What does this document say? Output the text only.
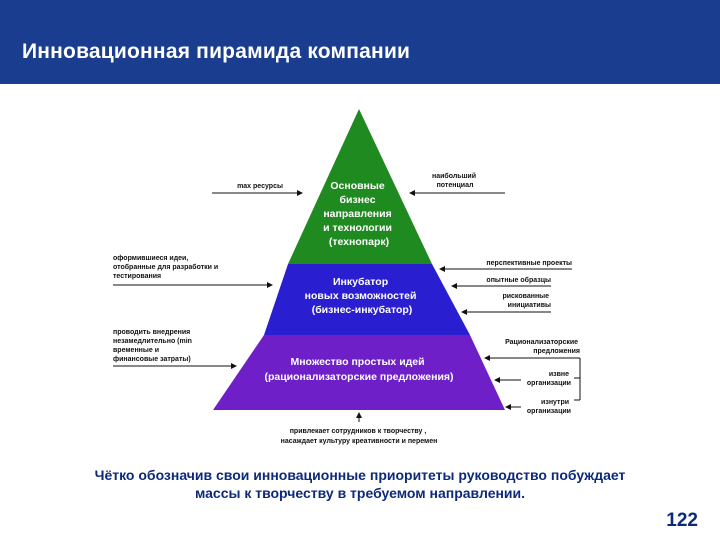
Инновационная пирамида компании
Основные бизнес направления и технологии (технопарк)
Инкубатор новых возможностей (бизнес-инкубатор)
Множество простых идей (рационализаторские предложения)
max ресурсы
наибольший потенциал
оформившиеся идеи, отобранные для разработки и тестирования
перспективные проекты
опытные образцы
рискованные инициативы
проводить внедрения незамедлительно (min временные и финансовые затраты)
Рационализаторские предложения
извне организации
изнутри организации
привлекает сотрудников к творчеству , насаждает культуру креативности и перемен
Чётко обозначив свои инновационные приоритеты руководство побуждает
массы к творчеству в требуемом направлении.
122
